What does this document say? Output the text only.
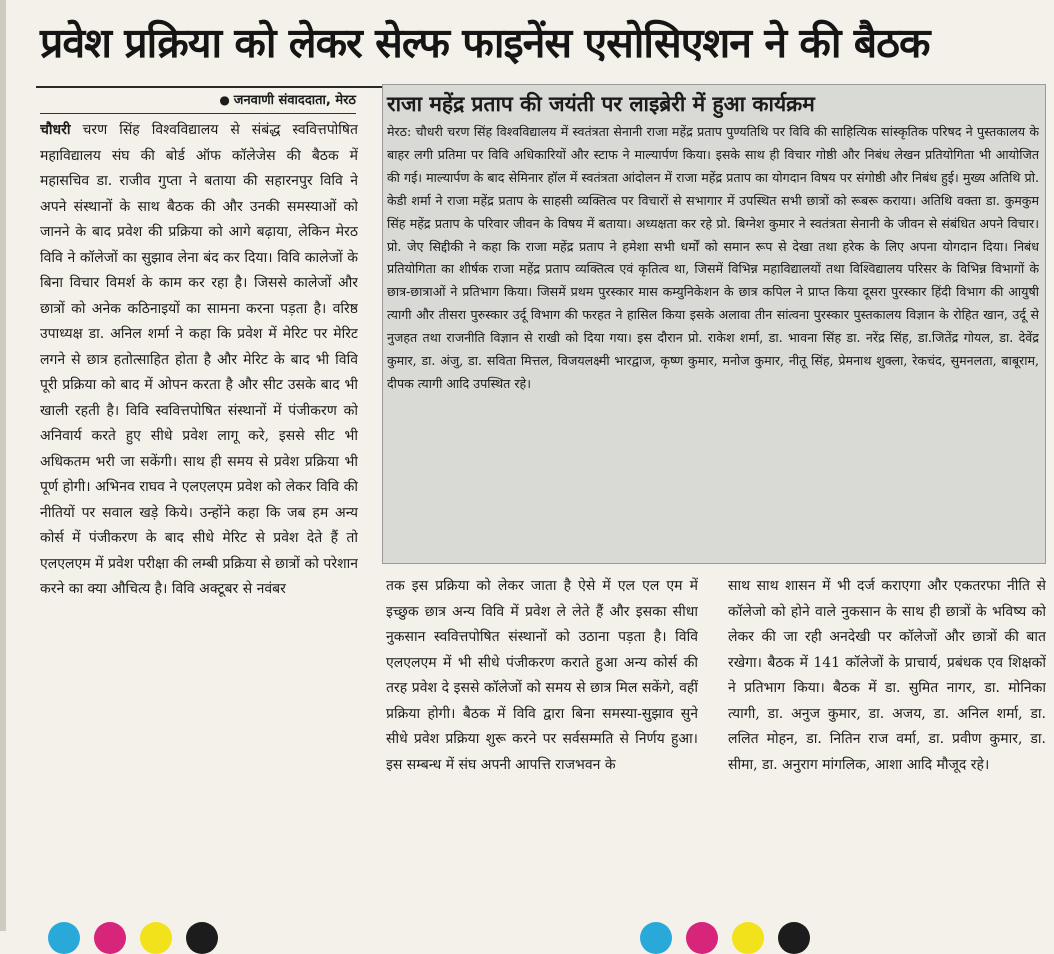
प्रवेश प्रक्रिया को लेकर सेल्फ फाइनेंस एसोसिएशन ने की बैठक
● जनवाणी संवाददाता, मेरठ
चौधरी चरण सिंह विश्वविद्यालय से संबंद्ध स्ववित्तपोषित महाविद्यालय संघ की बोर्ड ऑफ कॉलेजेस की बैठक में महासचिव डा. राजीव गुप्ता ने बताया की सहारनपुर विवि ने अपने संस्थानों के साथ बैठक की और उनकी समस्याओं को जानने के बाद प्रवेश की प्रक्रिया को आगे बढ़ाया, लेकिन मेरठ विवि ने कॉलेजों का सुझाव लेना बंद कर दिया। विवि कालेजों के बिना विचार विमर्श के काम कर रहा है। जिससे कालेजों और छात्रों को अनेक कठिनाइयों का सामना करना पड़ता है। वरिष्ठ उपाध्यक्ष डा. अनिल शर्मा ने कहा कि प्रवेश में मेरिट पर मेरिट लगने से छात्र हतोत्साहित होता है और मेरिट के बाद भी विवि पूरी प्रक्रिया को बाद में ओपन करता है और सीट उसके बाद भी खाली रहती है। विवि स्ववित्तपोषित संस्थानों में पंजीकरण को अनिवार्य करते हुए सीधे प्रवेश लागू करे, इससे सीट भी अधिकतम भरी जा सकेंगी। साथ ही समय से प्रवेश प्रक्रिया भी पूर्ण होगी। अभिनव राघव ने एलएलएम प्रवेश को लेकर विवि की नीतियों पर सवाल खड़े किये। उन्होंने कहा कि जब हम अन्य कोर्स में पंजीकरण के बाद सीधे मेरिट से प्रवेश देते हैं तो एलएलएम में प्रवेश परीक्षा की लम्बी प्रक्रिया से छात्रों को परेशान करने का क्या औचित्य है। विवि अक्टूबर से नवंबर
राजा महेंद्र प्रताप की जयंती पर लाइब्रेरी में हुआ कार्यक्रम
मेरठ: चौधरी चरण सिंह विश्वविद्यालय में स्वतंत्रता सेनानी राजा महेंद्र प्रताप पुण्यतिथि पर विवि की साहित्यिक सांस्कृतिक परिषद ने पुस्तकालय के बाहर लगी प्रतिमा पर विवि अधिकारियों और स्टाफ ने माल्यार्पण किया। इसके साथ ही विचार गोष्ठी और निबंध लेखन प्रतियोगिता भी आयोजित की गई। माल्यार्पण के बाद सेमिनार हॉल में स्वतंत्रता आंदोलन में राजा महेंद्र प्रताप का योगदान विषय पर संगोष्ठी और निबंध हुई। मुख्य अतिथि प्रो. केडी शर्मा ने राजा महेंद्र प्रताप के साहसी व्यक्तित्व पर विचारों से सभागार में उपस्थित सभी छात्रों को रूबरू कराया। अतिथि वक्ता डा. कुमकुम सिंह महेंद्र प्रताप के परिवार जीवन के विषय में बताया। अध्यक्षता कर रहे प्रो. बिग्नेश कुमार ने स्वतंत्रता सेनानी के जीवन से संबंधित अपने विचार। प्रो. जेए सिद्दीकी ने कहा कि राजा महेंद्र प्रताप ने हमेशा सभी धर्मों को समान रूप से देखा तथा हरेक के लिए अपना योगदान दिया। निबंध प्रतियोगिता का शीर्षक राजा महेंद्र प्रताप व्यक्तित्व एवं कृतित्व था, जिसमें विभिन्न महाविद्यालयों तथा विश्विद्यालय परिसर के विभिन्न विभागों के छात्र-छात्राओं ने प्रतिभाग किया। जिसमें प्रथम पुरस्कार मास कम्युनिकेशन के छात्र कपिल ने प्राप्त किया दूसरा पुरस्कार हिंदी विभाग की आयुषी त्यागी और तीसरा पुरुस्कार उर्दू विभाग की फरहत ने हासिल किया इसके अलावा तीन सांत्वना पुरस्कार पुस्तकालय विज्ञान के रोहित खान, उर्दू से नुजहत तथा राजनीति विज्ञान से राखी को दिया गया। इस दौरान प्रो. राकेश शर्मा, डा. भावना सिंह डा. नरेंद्र सिंह, डा.जितेंद्र गोयल, डा. देवेंद्र कुमार, डा. अंजु, डा. सविता मित्तल, विजयलक्ष्मी भारद्वाज, कृष्ण कुमार, मनोज कुमार, नीतू सिंह, प्रेमनाथ शुक्ला, रेकचंद, सुमनलता, बाबूराम, दीपक त्यागी आदि उपस्थित रहे।
तक इस प्रक्रिया को लेकर जाता है ऐसे में एल एल एम में इच्छुक छात्र अन्य विवि में प्रवेश ले लेते हैं और इसका सीधा नुकसान स्ववित्तपोषित संस्थानों को उठाना पड़ता है। विवि एलएलएम में भी सीधे पंजीकरण कराते हुआ अन्य कोर्स की तरह प्रवेश दे इससे कॉलेजों को समय से छात्र मिल सकेंगे, वहीं प्रक्रिया होगी। बैठक में विवि द्वारा बिना समस्या-सुझाव सुने सीधे प्रवेश प्रक्रिया शुरू करने पर सर्वसम्मति से निर्णय हुआ। इस सम्बन्ध में संघ अपनी आपत्ति राजभवन के
साथ साथ शासन में भी दर्ज कराएगा और एकतरफा नीति से कॉलेजो को होने वाले नुकसान के साथ ही छात्रों के भविष्य को लेकर की जा रही अनदेखी पर कॉलेजों और छात्रों की बात रखेगा। बैठक में 141 कॉलेजों के प्राचार्य, प्रबंधक एव शिक्षकों ने प्रतिभाग किया। बैठक में डा. सुमित नागर, डा. मोनिका त्यागी, डा. अनुज कुमार, डा. अजय, डा. अनिल शर्मा, डा. ललित मोहन, डा. नितिन राज वर्मा, डा. प्रवीण कुमार, डा. सीमा, डा. अनुराग मांगलिक, आशा आदि मौजूद रहे।
